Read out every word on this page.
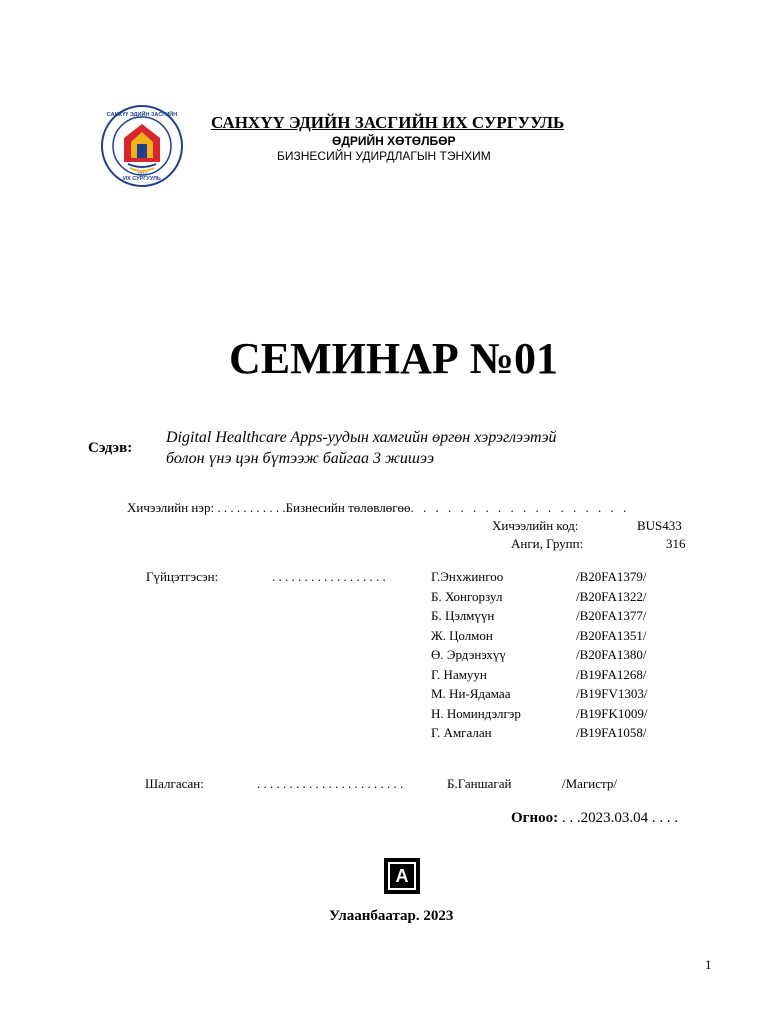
САНХҮҮ ЭДИЙН ЗАСГИЙН
ИХ СУРГУУЛЬ
1924
САНХҮҮ ЭДИЙН ЗАСГИЙН ИХ СУРГУУЛЬ
ӨДРИЙН ХӨТӨЛБӨР
БИЗНЕСИЙН УДИРДЛАГЫН ТЭНХИМ
СЕМИНАР №01
Сэдэв:
Digital Healthcare Apps-уудын хамгийн өргөн хэрэглээтэй
болон үнэ цэн бүтээж байгаа 3 жишээ
Хичээлийн нэр: . . . . . . . . . . .Бизнесийн төлөвлөгөө. . . . . . . . . . . . . . . . . .
Хичээлийн код:	BUS433
Анги, Групп:	316
Гүйцэтгэсэн:	. . . . . . . . . . . . . . . . . .	Г.Энхжингоо	/B20FA1379/
Б. Хонгорзул	/B20FA1322/
Б. Цэлмүүн	/B20FA1377/
Ж. Цолмон	/B20FA1351/
Ө. Эрдэнэхүү	/B20FA1380/
Г. Намуун	/B19FA1268/
М. Ни-Ядамаа	/B19FV1303/
Н. Номиндэлгэр	/B19FK1009/
Г. Амгалан	/B19FA1058/
Шалгасан:	. . . . . . . . . . . . . . . . . . . . . . .	Б.Ганшагай	/Магистр/
Огноо: . . .2023.03.04 . . . .
A
Улаанбаатар. 2023
1
